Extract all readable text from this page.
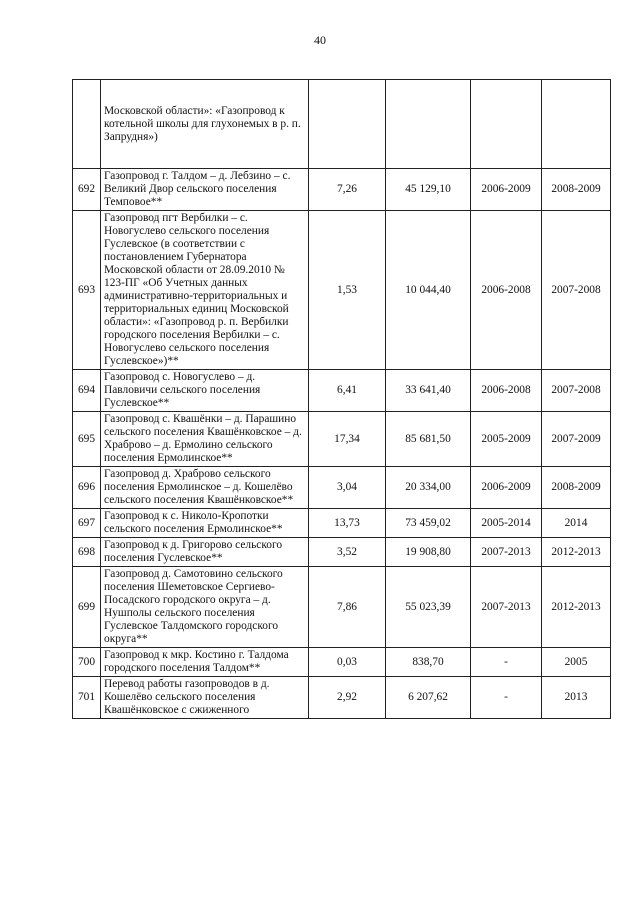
40
	Московской области»: «Газопровод к котельной школы для глухонемых в р. п. Запрудня»)				
692	Газопровод г. Талдом – д. Лебзино – с. Великий Двор сельского поселения Темповое**	7,26	45 129,10	2006-2009	2008-2009
693	Газопровод пгт Вербилки – с. Новогуслево сельского поселения Гуслевское (в соответствии с постановлением Губернатора Московской области от 28.09.2010 № 123-ПГ «Об Учетных данных административно-территориальных и территориальных единиц Московской области»: «Газопровод р. п. Вербилки городского поселения Вербилки – с. Новогуслево сельского поселения Гуслевское»)**	1,53	10 044,40	2006-2008	2007-2008
694	Газопровод с. Новогуслево – д. Павловичи сельского поселения Гуслевское**	6,41	33 641,40	2006-2008	2007-2008
695	Газопровод с. Квашёнки – д. Парашино сельского поселения Квашёнковское – д. Храброво – д. Ермолино сельского поселения Ермолинское**	17,34	85 681,50	2005-2009	2007-2009
696	Газопровод д. Храброво сельского поселения Ермолинское – д. Кошелёво сельского поселения Квашёнковское**	3,04	20 334,00	2006-2009	2008-2009
697	Газопровод к с. Николо-Кропотки сельского поселения Ермолинское**	13,73	73 459,02	2005-2014	2014
698	Газопровод к д. Григорово сельского поселения Гуслевское**	3,52	19 908,80	2007-2013	2012-2013
699	Газопровод д. Самотовино сельского поселения Шеметовское Сергиево-Посадского городского округа – д. Нушполы сельского поселения Гуслевское Талдомского городского округа**	7,86	55 023,39	2007-2013	2012-2013
700	Газопровод к мкр. Костино г. Талдома городского поселения Талдом**	0,03	838,70	-	2005
701	Перевод работы газопроводов в д. Кошелёво сельского поселения Квашёнковское с сжиженного	2,92	6 207,62	-	2013
